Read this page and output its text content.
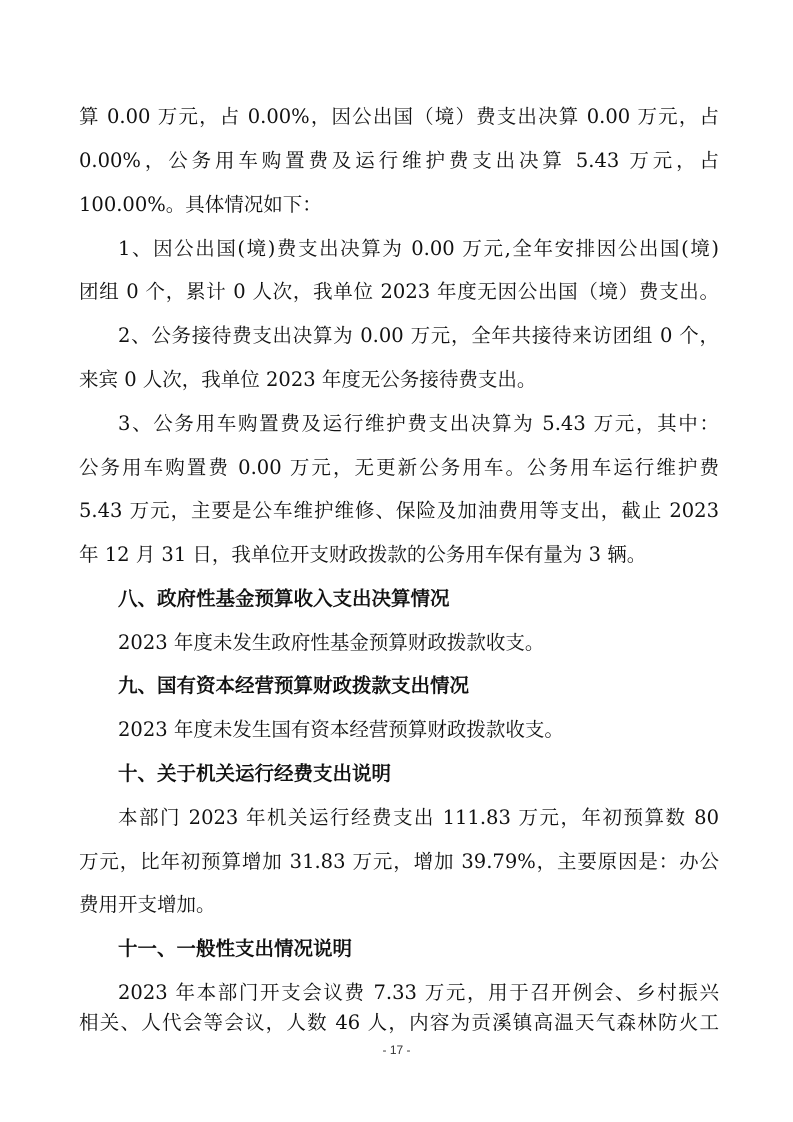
算 0.00 万元，占 0.00%，因公出国（境）费支出决算 0.00 万元，占
0.00%，公务用车购置费及运行维护费支出决算 5.43 万元，占
100.00%。具体情况如下：
1、因公出国(境)费支出决算为 0.00 万元,全年安排因公出国(境)
团组 0 个，累计 0 人次，我单位 2023 年度无因公出国（境）费支出。
2、公务接待费支出决算为 0.00 万元，全年共接待来访团组 0 个，
来宾 0 人次，我单位 2023 年度无公务接待费支出。
3、公务用车购置费及运行维护费支出决算为 5.43 万元，其中：
公务用车购置费 0.00 万元，无更新公务用车。公务用车运行维护费
5.43 万元，主要是公车维护维修、保险及加油费用等支出，截止 2023
年 12 月 31 日，我单位开支财政拨款的公务用车保有量为 3 辆。
八、政府性基金预算收入支出决算情况
2023 年度未发生政府性基金预算财政拨款收支。
九、国有资本经营预算财政拨款支出情况
2023 年度未发生国有资本经营预算财政拨款收支。
十、关于机关运行经费支出说明
本部门 2023 年机关运行经费支出 111.83 万元，年初预算数 80
万元，比年初预算增加 31.83 万元，增加 39.79%，主要原因是：办公
费用开支增加。
十一、一般性支出情况说明
2023 年本部门开支会议费 7.33 万元，用于召开例会、乡村振兴
相关、人代会等会议，人数 46 人，内容为贡溪镇高温天气森林防火工
- 17 -
